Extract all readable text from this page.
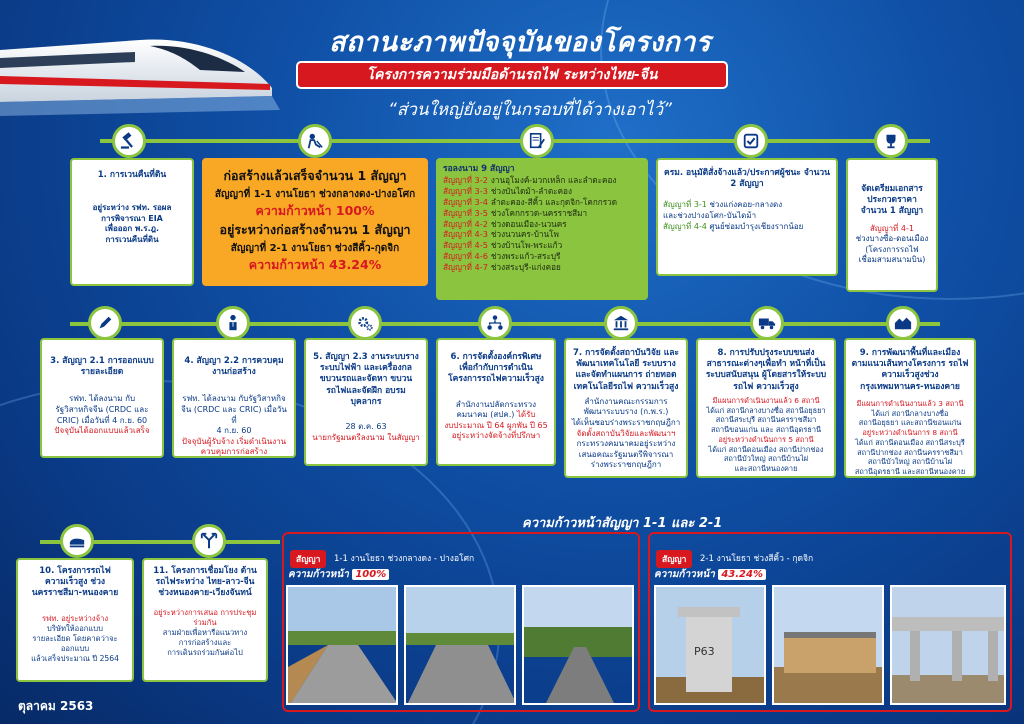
สถานะภาพปัจจุบันของโครงการ
โครงการความร่วมมือด้านรถไฟ ระหว่างไทย-จีน
“ส่วนใหญ่ยังอยู่ในกรอบที่ได้วางเอาไว้”
1. การเวนคืนที่ดิน
อยู่ระหว่าง รฟท. รอผล
การพิจารณา EIA
เพื่อออก พ.ร.ฎ.
การเวนคืนที่ดิน
ก่อสร้างแล้วเสร็จจำนวน 1 สัญญา
สัญญาที่ 1-1 งานโยธา ช่วงกลางดง-ปางอโศก
ความก้าวหน้า 100%
อยู่ระหว่างก่อสร้างจำนวน 1 สัญญา
สัญญาที่ 2-1 งานโยธา ช่วงสีคิ้ว-กุดจิก
ความก้าวหน้า 43.24%
รอลงนาม 9 สัญญา
สัญญาที่ 3-2 งานอุโมงค์-มวกเหล็ก และลำตะคอง
สัญญาที่ 3-3 ช่วงบันไดม้า-ลำตะคอง
สัญญาที่ 3-4 ลำตะคอง-สีคิ้ว และกุดจิก-โคกกรวด
สัญญาที่ 3-5 ช่วงโคกกรวด-นครราชสีมา
สัญญาที่ 4-2 ช่วงดอนเมือง-นวนคร
สัญญาที่ 4-3 ช่วงนวนคร-บ้านโพ
สัญญาที่ 4-5 ช่วงบ้านโพ-พระแก้ว
สัญญาที่ 4-6 ช่วงพระแก้ว-สระบุรี
สัญญาที่ 4-7 ช่วงสระบุรี-แก่งคอย
ครม. อนุมัติสั่งจ้างแล้ว/ประกาศผู้ชนะ จำนวน 2 สัญญา
สัญญาที่ 3-1 ช่วงแก่งคอย-กลางดง
และช่วงปางอโศก-บันไดม้า
สัญญาที่ 4-4 ศูนย์ซ่อมบำรุงเชียงรากน้อย
จัดเตรียมเอกสาร ประกวดราคา จำนวน 1 สัญญา
สัญญาที่ 4-1
ช่วงบางซื่อ-ดอนเมือง
(โครงการรถไฟ
เชื่อมสามสนามบิน)
3. สัญญา 2.1 การออกแบบรายละเอียด
รฟท. ได้ลงนาม กับ
รัฐวิสาหกิจจีน (CRDC และ
CRIC) เมื่อวันที่ 4 ก.ย. 60
ปัจจุบันได้ออกแบบแล้วเสร็จ
4. สัญญา 2.2 การควบคุมงานก่อสร้าง
รฟท. ได้ลงนาม กับรัฐวิสาหกิจ
จีน (CRDC และ CRIC) เมื่อวันที่
4 ก.ย. 60
ปัจจุบันผู้รับจ้าง เริ่มดำเนินงาน ควบคุมการก่อสร้าง
5. สัญญา 2.3 งานระบบราง ระบบไฟฟ้า และเครื่องกลขบวนรถและจัดหา ขบวนรถไฟและจัดฝึก อบรมบุคลากร
28 ต.ค. 63
นายกรัฐมนตรีลงนาม ในสัญญา
6. การจัดตั้งองค์กรพิเศษ เพื่อกำกับการดำเนิน โครงการรถไฟความเร็วสูง
สำนักงานปลัดกระทรวง
คมนาคม (สปค.) ได้รับ
งบประมาณ ปี 64 ผูกพัน ปี 65 อยู่ระหว่างจัดจ้างที่ปรึกษา
7. การจัดตั้งสถาบันวิจัย และพัฒนาเทคโนโลยี ระบบราง และจัดทำแผนการ ถ่ายทอดเทคโนโลยีรถไฟ ความเร็วสูง
สำนักงานคณะกรรมการ
พัฒนาระบบราง (ก.พ.ร.)
ได้เห็นชอบร่างพระราชกฤษฎีกา
จัดตั้งสถาบันวิจัยและพัฒนาฯ
กระทรวงคมนาคมอยู่ระหว่าง
เสนอคณะรัฐมนตรีพิจารณา
ร่างพระราชกฤษฎีกา
8. การปรับปรุงระบบขนส่ง สาธารณะต่างๆเพื่อทำ หน้าที่เป็นระบบสนับสนุน ผู้โดยสารให้ระบบรถไฟ ความเร็วสูง
มีแผนการดำเนินงานแล้ว 6 สถานี
ได้แก่ สถานีกลางบางซื่อ สถานีอยุธยา
สถานีสระบุรี สถานีนครราชสีมา
สถานีขอนแก่น และ สถานีอุดรธานี
อยู่ระหว่างดำเนินการ 5 สถานี
ได้แก่ สถานีดอนเมือง สถานีปากช่อง
สถานีบัวใหญ่ สถานีบ้านไผ่
และสถานีหนองคาย
9. การพัฒนาพื้นที่และเมือง ตามแนวเส้นทางโครงการ รถไฟความเร็วสูงช่วง กรุงเทพมหานคร-หนองคาย
มีแผนการดำเนินงานแล้ว 3 สถานี
ได้แก่ สถานีกลางบางซื่อ
สถานีอยุธยา และสถานีขอนแก่น
อยู่ระหว่างดำเนินการ 8 สถานี
ได้แก่ สถานีดอนเมือง สถานีสระบุรี
สถานีปากช่อง สถานีนครราชสีมา
สถานีบัวใหญ่ สถานีบ้านไผ่
สถานีอุดรธานี และสถานีหนองคาย
10. โครงการรถไฟ ความเร็วสูง ช่วงนครราชสีมา-หนองคาย
รฟท. อยู่ระหว่างจ้าง
บริษัทให้ออกแบบ
รายละเอียด โดยคาดว่าจะออกแบบ
แล้วเสร็จประมาณ ปี 2564
11. โครงการเชื่อมโยง ด้านรถไฟระหว่าง ไทย-ลาว-จีน ช่วงหนองคาย-เวียงจันทน์
อยู่ระหว่างการเสนอ การประชุมร่วมกัน
สามฝ่ายเพื่อหารือแนวทาง
การก่อสร้างและ
การเดินรถร่วมกันต่อไป
ความก้าวหน้าสัญญา 1-1 และ 2-1
สัญญา	1-1 งานโยธา ช่วงกลางดง - ปางอโศก
ความก้าวหน้า 100%
สัญญา	2-1 งานโยธา ช่วงสีคิ้ว - กุดจิก
ความก้าวหน้า 43.24%
P63
ตุลาคม 2563
